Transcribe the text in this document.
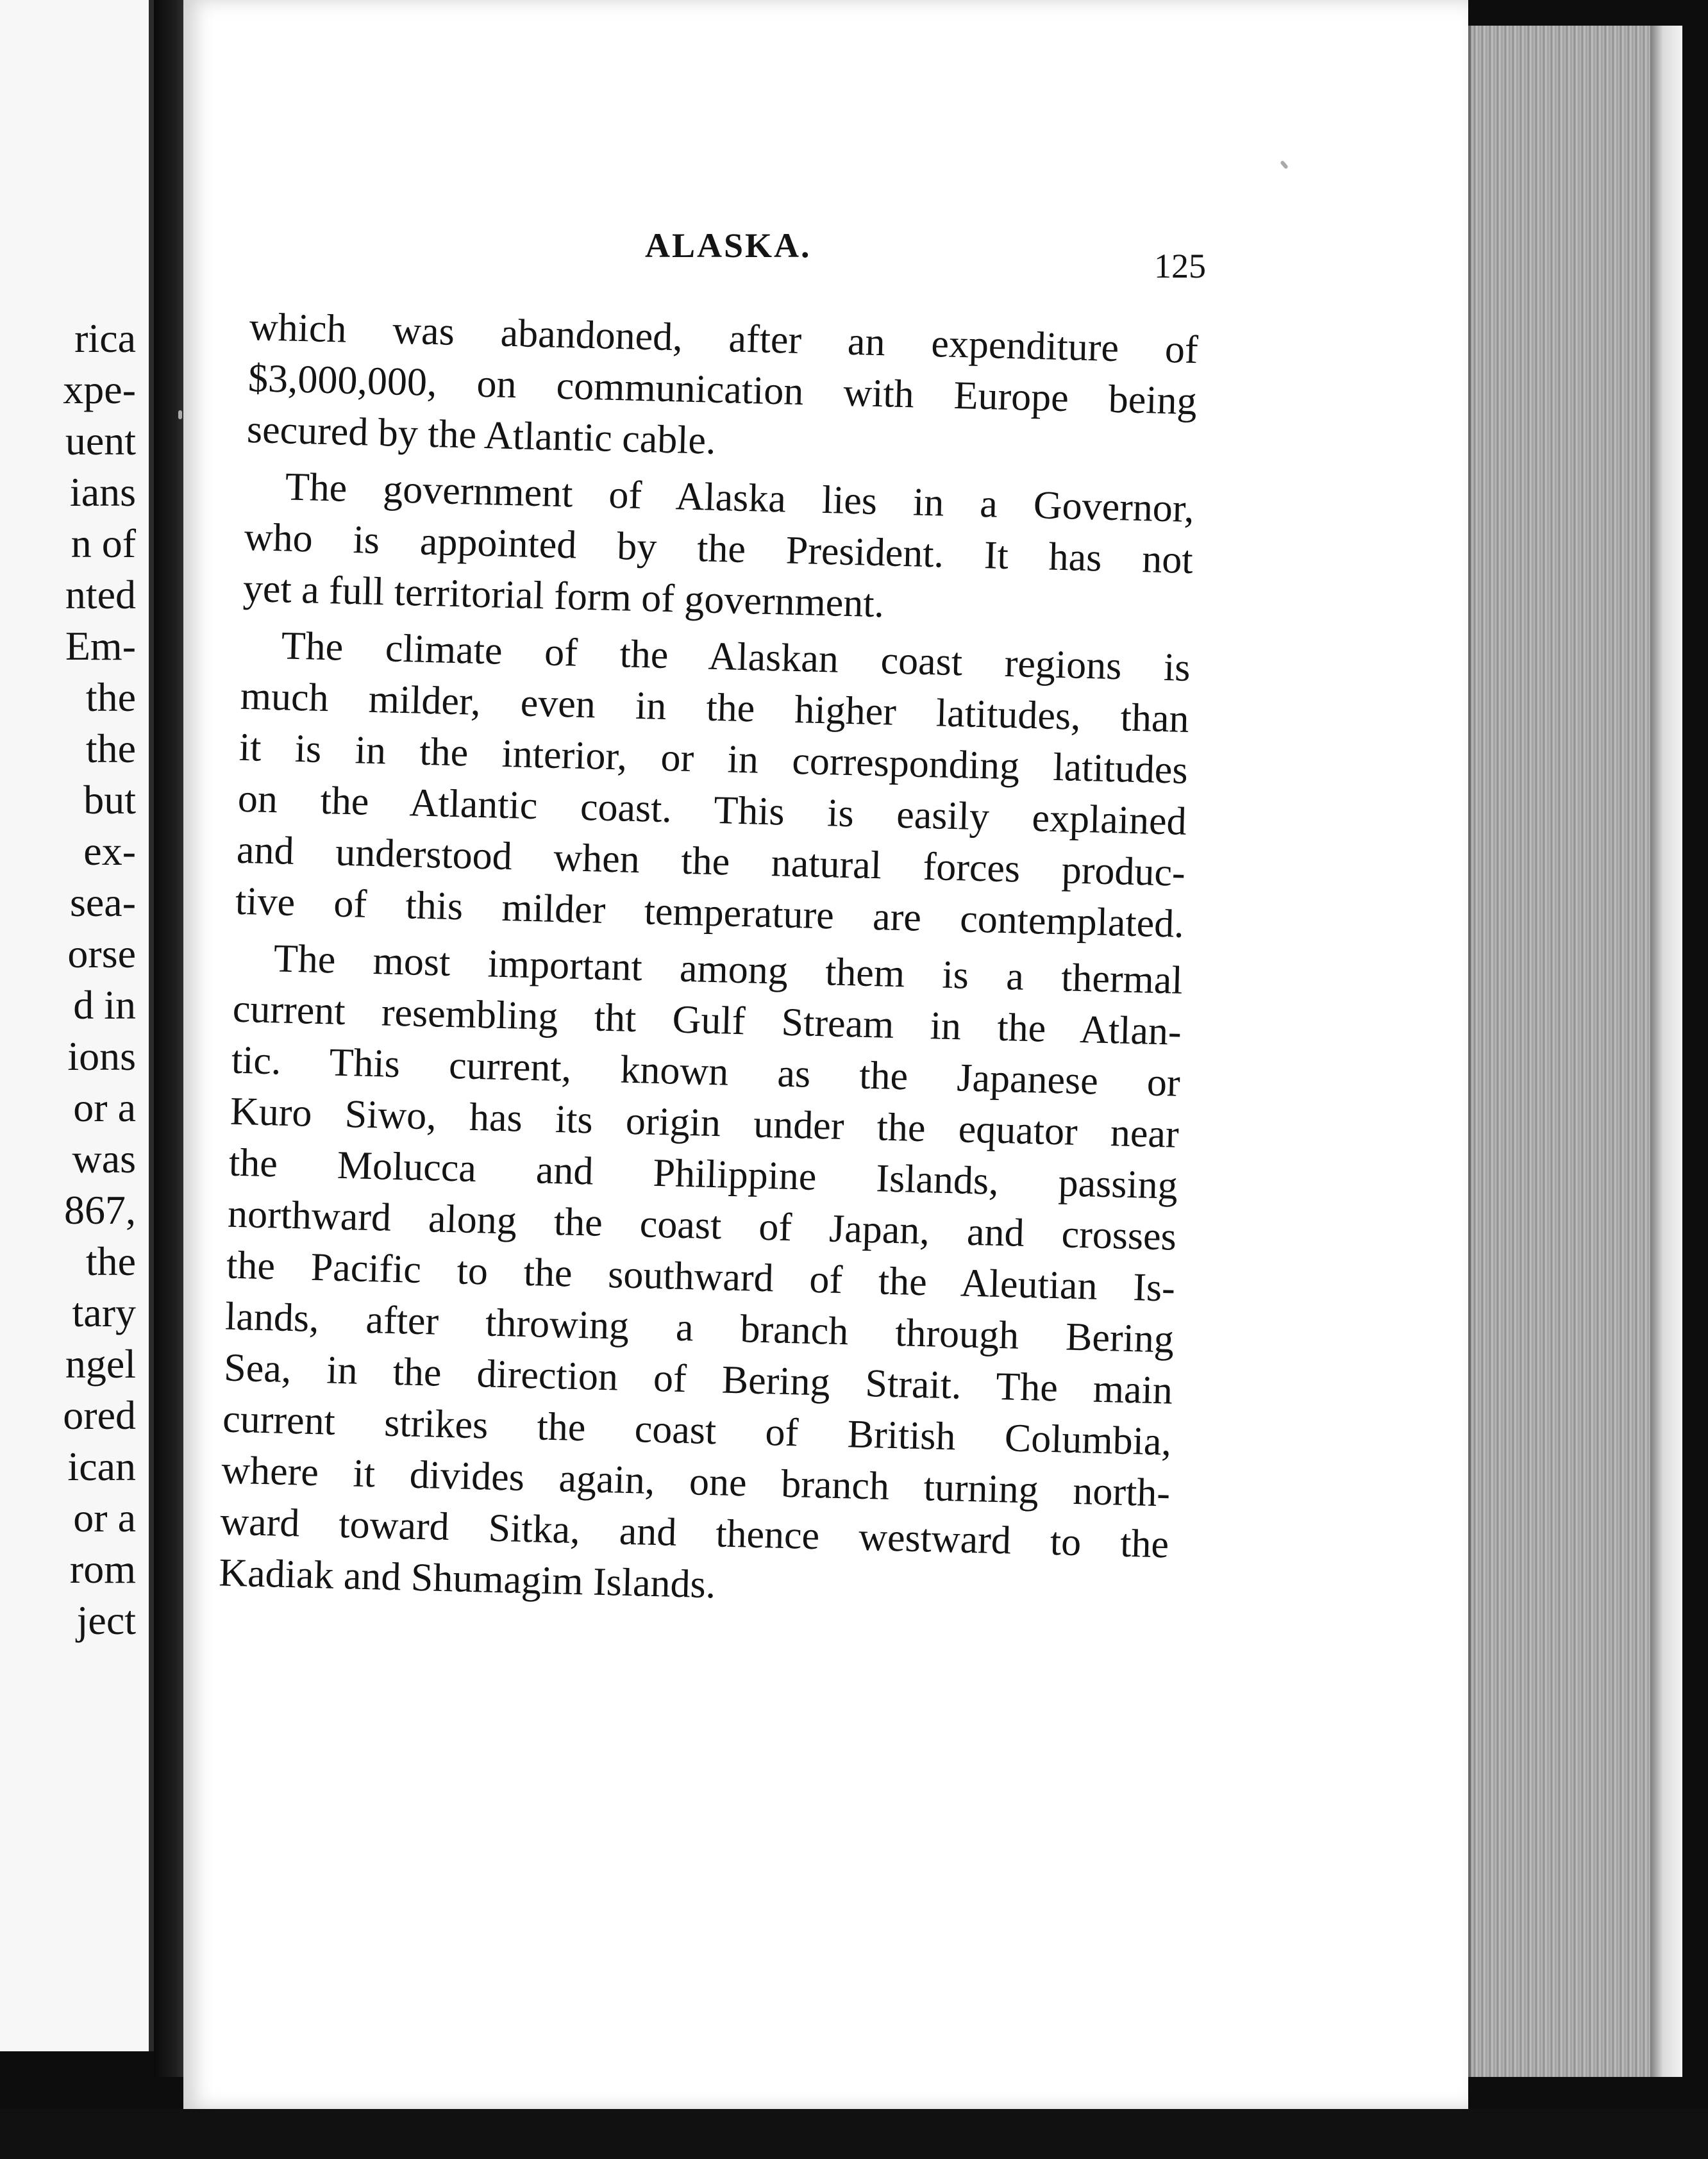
rica
xpe-
uent
ians
n of
nted
Em-
the
the
but
ex-
sea-
orse
d in
ions
or a
was
867,
the
tary
ngel
ored
ican
or a
rom
ject
ALASKA.
125

which was abandoned, after an expenditure of
$3,000,000, on communication with Europe being
secured by the Atlantic cable.

The government of Alaska lies in a Governor,
who is appointed by the President. It has not
yet a full territorial form of government.

The climate of the Alaskan coast regions is
much milder, even in the higher latitudes, than
it is in the interior, or in corresponding latitudes
on the Atlantic coast. This is easily explained
and understood when the natural forces produc-
tive of this milder temperature are contemplated.

The most important among them is a thermal
current resembling tht Gulf Stream in the Atlan-
tic. This current, known as the Japanese or
Kuro Siwo, has its origin under the equator near
the Molucca and Philippine Islands, passing
northward along the coast of Japan, and crosses
the Pacific to the southward of the Aleutian Is-
lands, after throwing a branch through Bering
Sea, in the direction of Bering Strait. The main
current strikes the coast of British Columbia,
where it divides again, one branch turning north-
ward toward Sitka, and thence westward to the
Kadiak and Shumagim Islands.
